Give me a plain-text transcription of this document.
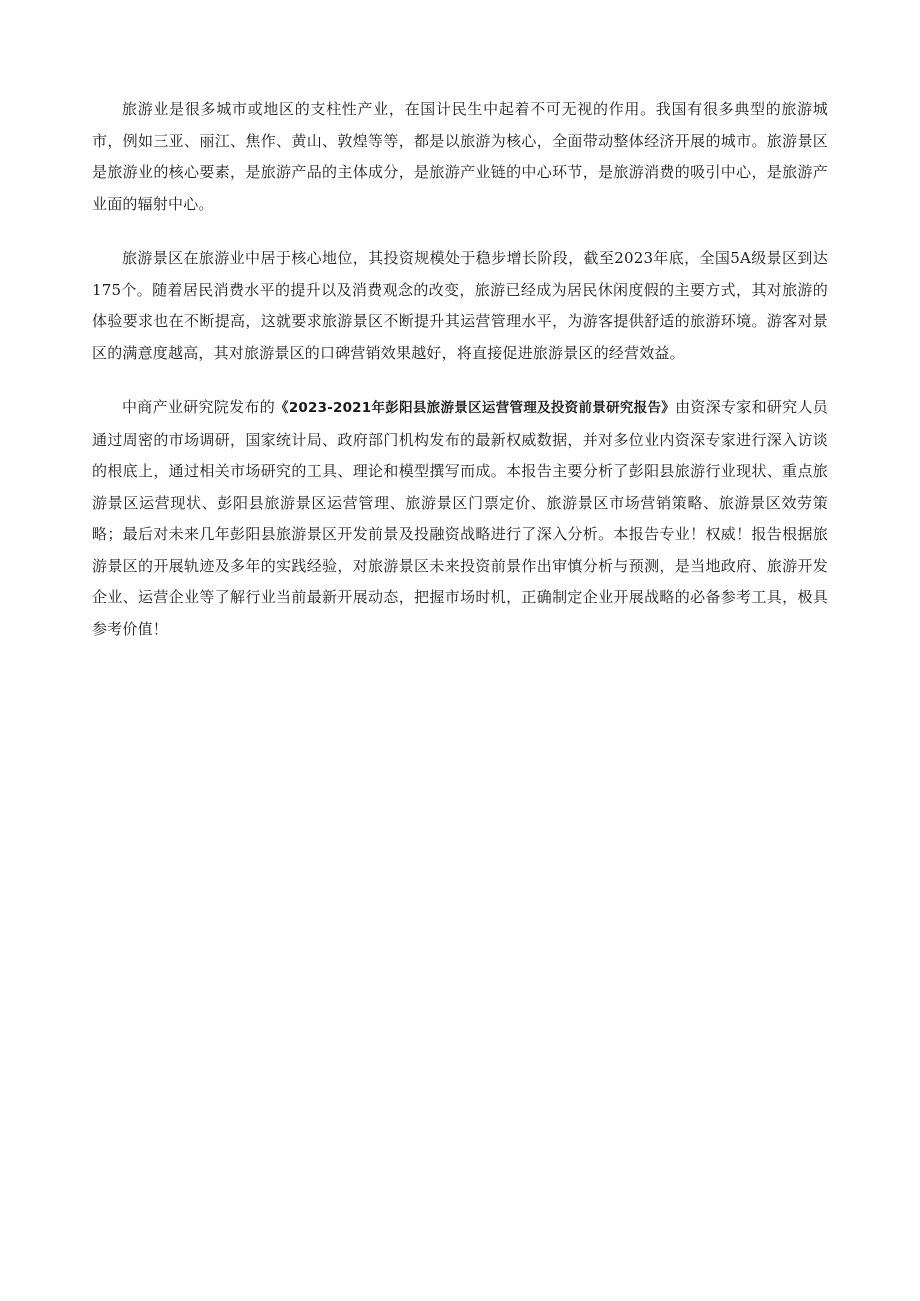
旅游业是很多城市或地区的支柱性产业，在国计民生中起着不可无视的作用。我国有很多典型的旅游城市，例如三亚、丽江、焦作、黄山、敦煌等等，都是以旅游为核心，全面带动整体经济开展的城市。旅游景区是旅游业的核心要素，是旅游产品的主体成分，是旅游产业链的中心环节，是旅游消费的吸引中心，是旅游产业面的辐射中心。

旅游景区在旅游业中居于核心地位，其投资规模处于稳步增长阶段，截至2023年底，全国5A级景区到达175个。随着居民消费水平的提升以及消费观念的改变，旅游已经成为居民休闲度假的主要方式，其对旅游的体验要求也在不断提高，这就要求旅游景区不断提升其运营管理水平，为游客提供舒适的旅游环境。游客对景区的满意度越高，其对旅游景区的口碑营销效果越好，将直接促进旅游景区的经营效益。

中商产业研究院发布的《2023-2021年彭阳县旅游景区运营管理及投资前景研究报告》由资深专家和研究人员通过周密的市场调研，国家统计局、政府部门机构发布的最新权威数据，并对多位业内资深专家进行深入访谈的根底上，通过相关市场研究的工具、理论和模型撰写而成。本报告主要分析了彭阳县旅游行业现状、重点旅游景区运营现状、彭阳县旅游景区运营管理、旅游景区门票定价、旅游景区市场营销策略、旅游景区效劳策略；最后对未来几年彭阳县旅游景区开发前景及投融资战略进行了深入分析。本报告专业！权威！报告根据旅游景区的开展轨迹及多年的实践经验，对旅游景区未来投资前景作出审慎分析与预测，是当地政府、旅游开发企业、运营企业等了解行业当前最新开展动态，把握市场时机，正确制定企业开展战略的必备参考工具，极具参考价值！
